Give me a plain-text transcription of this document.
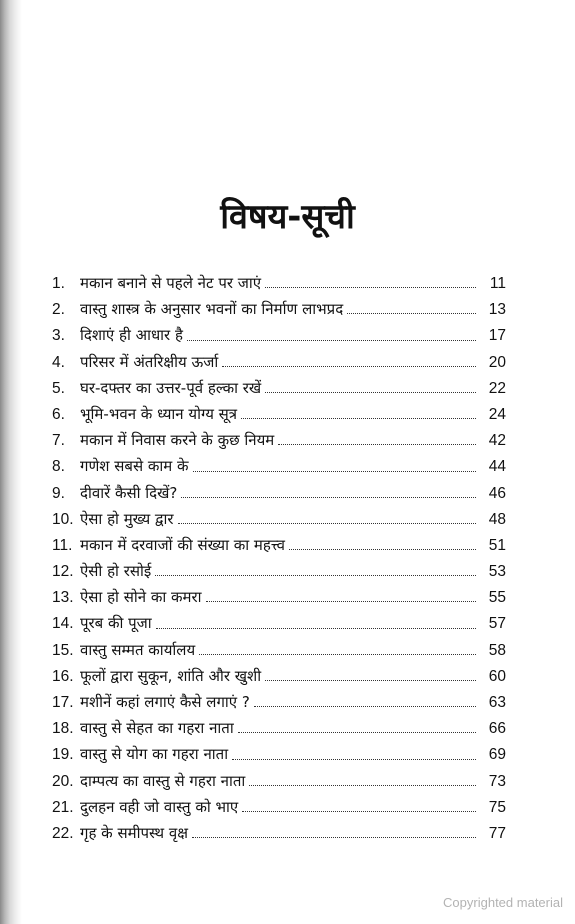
विषय-सूची
1.	मकान बनाने से पहले नेट पर जाएं	11
2.	वास्तु शास्त्र के अनुसार भवनों का निर्माण लाभप्रद	13
3.	दिशाएं ही आधार है	17
4.	परिसर में अंतरिक्षीय ऊर्जा	20
5.	घर-दफ्तर का उत्तर-पूर्व हल्का रखें	22
6.	भूमि-भवन के ध्यान योग्य सूत्र	24
7.	मकान में निवास करने के कुछ नियम	42
8.	गणेश सबसे काम के	44
9.	दीवारें कैसी दिखें?	46
10. ऐसा हो मुख्य द्वार	48
11. मकान में दरवाजों की संख्या का महत्त्व	51
12. ऐसी हो रसोई	53
13. ऐसा हो सोने का कमरा	55
14. पूरब की पूजा	57
15. वास्तु सम्मत कार्यालय	58
16. फूलों द्वारा सुकून, शांति और खुशी	60
17. मशीनें कहां लगाएं कैसे लगाएं ?	63
18. वास्तु से सेहत का गहरा नाता	66
19. वास्तु से योग का गहरा नाता	69
20. दाम्पत्य का वास्तु से गहरा नाता	73
21. दुलहन वही जो वास्तु को भाए	75
22. गृह के समीपस्थ वृक्ष	77
Copyrighted material
